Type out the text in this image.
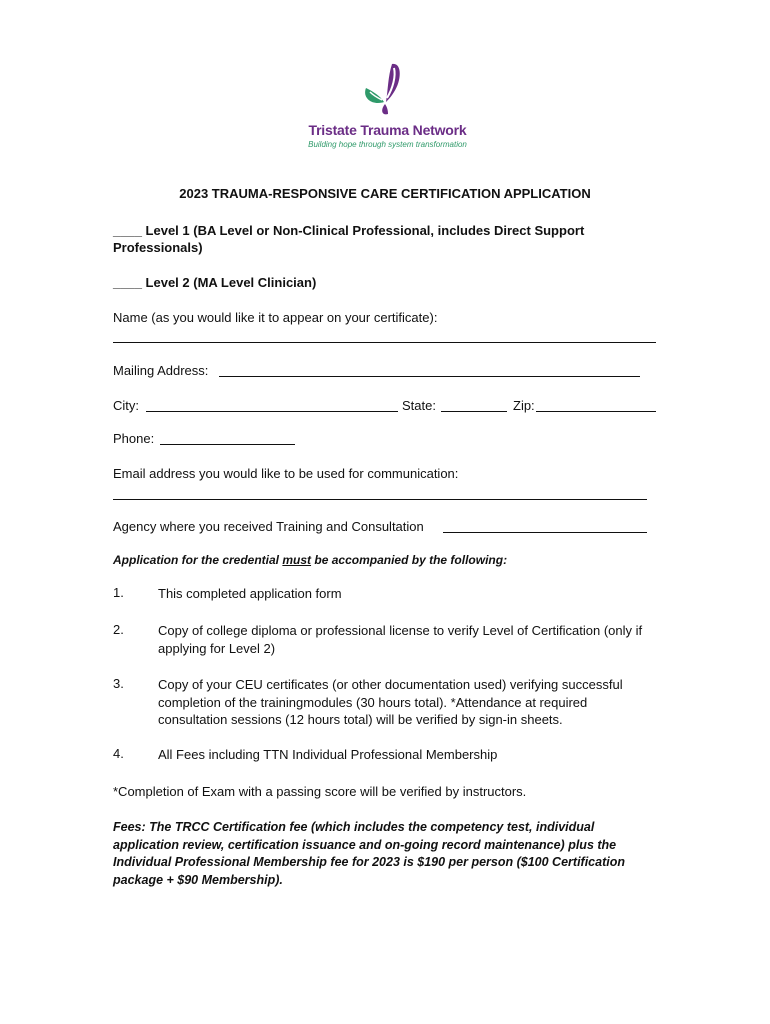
Tristate Trauma Network
Building hope through system transformation
2023 TRAUMA-RESPONSIVE CARE CERTIFICATION APPLICATION
____ Level 1 (BA Level or Non-Clinical Professional, includes Direct Support
Professionals)
____ Level 2 (MA Level Clinician)
Name (as you would like it to appear on your certificate):
Mailing Address:
City:	State:	Zip:
Phone:
Email address you would like to be used for communication:
Agency where you received Training and Consultation
Application for the credential must be accompanied by the following:
1.	This completed application form
2.	Copy of college diploma or professional license to verify Level of Certification (only if applying for Level 2)
3.	Copy of your CEU certificates (or other documentation used) verifying successful completion of the trainingmodules (30 hours total). *Attendance at required consultation sessions (12 hours total) will be verified by sign-in sheets.
4.	All Fees including TTN Individual Professional Membership
*Completion of Exam with a passing score will be verified by instructors.
Fees: The TRCC Certification fee (which includes the competency test, individual application review, certification issuance and on-going record maintenance) plus the Individual Professional Membership fee for 2023 is $190 per person ($100 Certification package + $90 Membership).
